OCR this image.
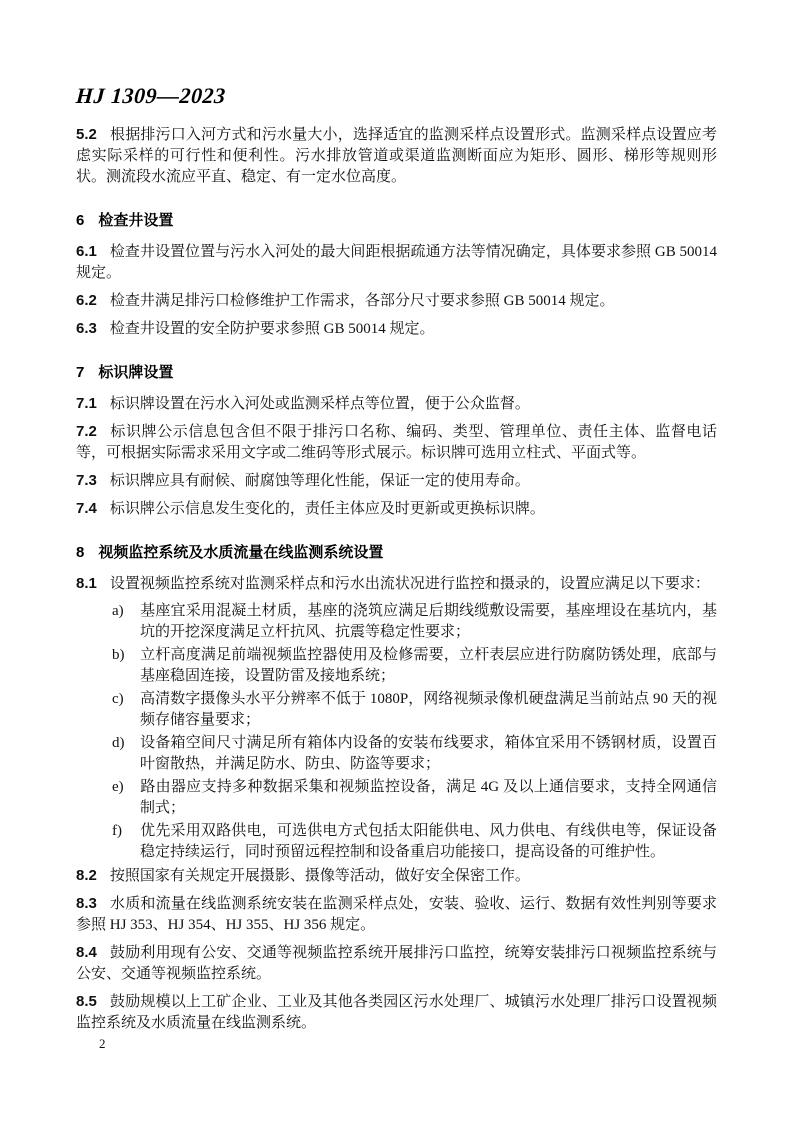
HJ 1309—2023

5.2 根据排污口入河方式和污水量大小，选择适宜的监测采样点设置形式。监测采样点设置应考虑实际采样的可行性和便利性。污水排放管道或渠道监测断面应为矩形、圆形、梯形等规则形状。测流段水流应平直、稳定、有一定水位高度。

6 检查井设置

6.1 检查井设置位置与污水入河处的最大间距根据疏通方法等情况确定，具体要求参照 GB 50014 规定。

6.2 检查井满足排污口检修维护工作需求，各部分尺寸要求参照 GB 50014 规定。

6.3 检查井设置的安全防护要求参照 GB 50014 规定。

7 标识牌设置

7.1 标识牌设置在污水入河处或监测采样点等位置，便于公众监督。

7.2 标识牌公示信息包含但不限于排污口名称、编码、类型、管理单位、责任主体、监督电话等，可根据实际需求采用文字或二维码等形式展示。标识牌可选用立柱式、平面式等。

7.3 标识牌应具有耐候、耐腐蚀等理化性能，保证一定的使用寿命。

7.4 标识牌公示信息发生变化的，责任主体应及时更新或更换标识牌。

8 视频监控系统及水质流量在线监测系统设置

8.1 设置视频监控系统对监测采样点和污水出流状况进行监控和摄录的，设置应满足以下要求：

a) 基座宜采用混凝土材质，基座的浇筑应满足后期线缆敷设需要，基座埋设在基坑内，基坑的开挖深度满足立杆抗风、抗震等稳定性要求；

b) 立杆高度满足前端视频监控器使用及检修需要，立杆表层应进行防腐防锈处理，底部与基座稳固连接，设置防雷及接地系统；

c) 高清数字摄像头水平分辨率不低于 1080P，网络视频录像机硬盘满足当前站点 90 天的视频存储容量要求；

d) 设备箱空间尺寸满足所有箱体内设备的安装布线要求，箱体宜采用不锈钢材质，设置百叶窗散热，并满足防水、防虫、防盗等要求；

e) 路由器应支持多种数据采集和视频监控设备，满足 4G 及以上通信要求，支持全网通信制式；

f) 优先采用双路供电，可选供电方式包括太阳能供电、风力供电、有线供电等，保证设备稳定持续运行，同时预留远程控制和设备重启功能接口，提高设备的可维护性。

8.2 按照国家有关规定开展摄影、摄像等活动，做好安全保密工作。

8.3 水质和流量在线监测系统安装在监测采样点处，安装、验收、运行、数据有效性判别等要求参照 HJ 353、HJ 354、HJ 355、HJ 356 规定。

8.4 鼓励利用现有公安、交通等视频监控系统开展排污口监控，统筹安装排污口视频监控系统与公安、交通等视频监控系统。

8.5 鼓励规模以上工矿企业、工业及其他各类园区污水处理厂、城镇污水处理厂排污口设置视频监控系统及水质流量在线监测系统。

2
